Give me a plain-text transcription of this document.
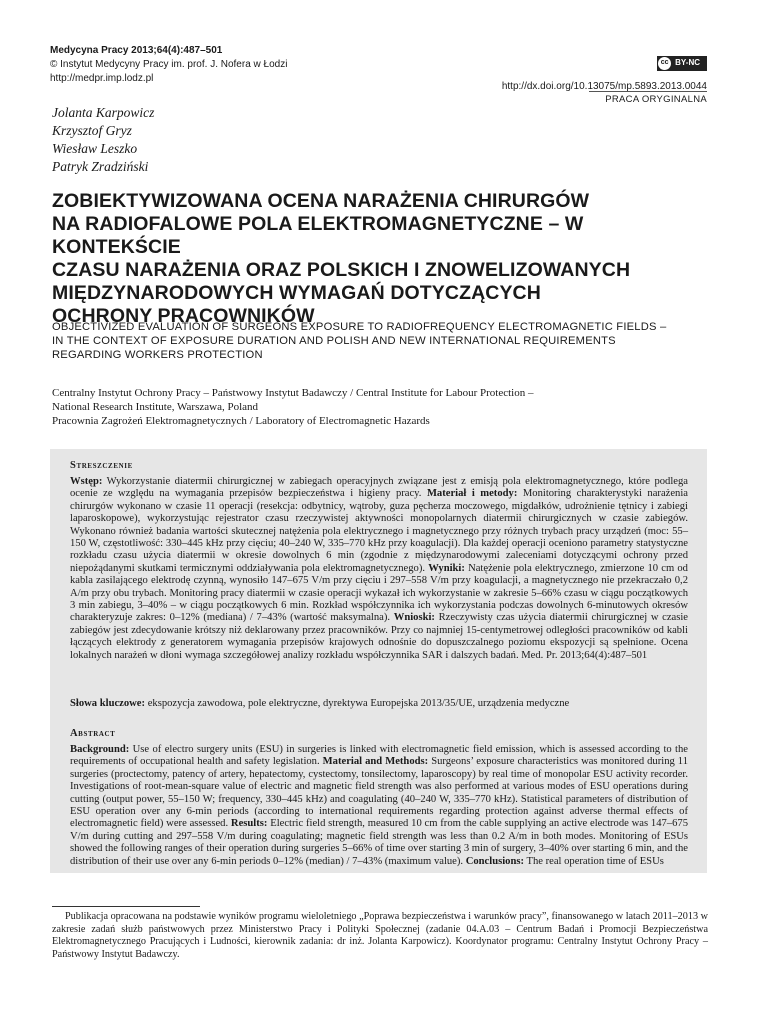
Medycyna Pracy 2013;64(4):487–501
© Instytut Medycyny Pracy im. prof. J. Nofera w Łodzi
http://medpr.imp.lodz.pl
cc BY-NC
http://dx.doi.org/10.13075/mp.5893.2013.0044
PRACA ORYGINALNA
Jolanta Karpowicz
Krzysztof Gryz
Wiesław Leszko
Patryk Zradziński
ZOBIEKTYWIZOWANA OCENA NARAŻENIA CHIRURGÓW
NA RADIOFALOWE POLA ELEKTROMAGNETYCZNE – W KONTEKŚCIE
CZASU NARAŻENIA ORAZ POLSKICH I ZNOWELIZOWANYCH
MIĘDZYNARODOWYCH WYMAGAŃ DOTYCZĄCYCH
OCHRONY PRACOWNIKÓW
OBJECTIVIZED EVALUATION OF SURGEONS EXPOSURE TO RADIOFREQUENCY ELECTROMAGNETIC FIELDS –
IN THE CONTEXT OF EXPOSURE DURATION AND POLISH AND NEW INTERNATIONAL REQUIREMENTS
REGARDING WORKERS PROTECTION
Centralny Instytut Ochrony Pracy – Państwowy Instytut Badawczy / Central Institute for Labour Protection –
National Research Institute, Warszawa, Poland
Pracownia Zagrożeń Elektromagnetycznych / Laboratory of Electromagnetic Hazards
Streszczenie
Wstęp: Wykorzystanie diatermii chirurgicznej w zabiegach operacyjnych związane jest z emisją pola elektromagnetycznego, które podlega ocenie ze względu na wymagania przepisów bezpieczeństwa i higieny pracy. Materiał i metody: Monitoring charakterystyki narażenia chirurgów wykonano w czasie 11 operacji (resekcja: odbytnicy, wątroby, guza pęcherza moczowego, migdałków, udrożnienie tętnicy i zabiegi laparoskopowe), wykorzystując rejestrator czasu rzeczywistej aktywności monopolarnych diatermii chirurgicznych w czasie zabiegów. Wykonano również badania wartości skutecznej natężenia pola elektrycznego i magnetycznego przy różnych trybach pracy urządzeń (moc: 55–150 W, częstotliwość: 330–445 kHz przy cięciu; 40–240 W, 335–770 kHz przy koagulacji). Dla każdej operacji oceniono parametry statystyczne rozkładu czasu użycia diatermii w okresie dowolnych 6 min (zgodnie z międzynarodowymi zaleceniami dotyczącymi ochrony przed niepożądanymi skutkami termicznymi oddziaływania pola elektromagnetycznego). Wyniki: Natężenie pola elektrycznego, zmierzone 10 cm od kabla zasilającego elektrodę czynną, wynosiło 147–675 V/m przy cięciu i 297–558 V/m przy koagulacji, a magnetycznego nie przekraczało 0,2 A/m przy obu trybach. Monitoring pracy diatermii w czasie operacji wykazał ich wykorzystanie w zakresie 5–66% czasu w ciągu początkowych 3 min zabiegu, 3–40% – w ciągu początkowych 6 min. Rozkład współczynnika ich wykorzystania podczas dowolnych 6-minutowych okresów charakteryzuje zakres: 0–12% (mediana) / 7–43% (wartość maksymalna). Wnioski: Rzeczywisty czas użycia diatermii chirurgicznej w czasie zabiegów jest zdecydowanie krótszy niż deklarowany przez pracowników. Przy co najmniej 15-centymetrowej odległości pracowników od kabli łączących elektrody z generatorem wymagania przepisów krajowych odnośnie do dopuszczalnego poziomu ekspozycji są spełnione. Ocena lokalnych narażeń w dłoni wymaga szczegółowej analizy rozkładu współczynnika SAR i dalszych badań. Med. Pr. 2013;64(4):487–501
Słowa kluczowe: ekspozycja zawodowa, pole elektryczne, dyrektywa Europejska 2013/35/UE, urządzenia medyczne
Abstract
Background: Use of electro surgery units (ESU) in surgeries is linked with electromagnetic field emission, which is assessed according to the requirements of occupational health and safety legislation. Material and Methods: Surgeons’ exposure characteristics was monitored during 11 surgeries (proctectomy, patency of artery, hepatectomy, cystectomy, tonsilectomy, laparoscopy) by real time of monopolar ESU activity recorder. Investigations of root-mean-square value of electric and magnetic field strength was also performed at various modes of ESU operations during cutting (output power, 55–150 W; frequency, 330–445 kHz) and coagulating (40–240 W, 335–770 kHz). Statistical parameters of distribution of ESU operation over any 6-min periods (according to international requirements regarding protection against adverse thermal effects of electromagnetic field) were assessed. Results: Electric field strength, measured 10 cm from the cable supplying an active electrode was 147–675 V/m during cutting and 297–558 V/m during coagulating; magnetic field strength was less than 0.2 A/m in both modes. Monitoring of ESUs showed the following ranges of their operation during surgeries 5–66% of time over starting 3 min of surgery, 3–40% over starting 6 min, and the distribution of their use over any 6-min periods 0–12% (median) / 7–43% (maximum value). Conclusions: The real operation time of ESUs
Publikacja opracowana na podstawie wyników programu wieloletniego „Poprawa bezpieczeństwa i warunków pracy”, finansowanego w latach 2011–2013 w zakresie zadań służb państwowych przez Ministerstwo Pracy i Polityki Społecznej (zadanie 04.A.03 – Centrum Badań i Promocji Bezpieczeństwa Elektromagnetycznego Pracujących i Ludności, kierownik zadania: dr inż. Jolanta Karpowicz). Koordynator programu: Centralny Instytut Ochrony Pracy – Państwowy Instytut Badawczy.
